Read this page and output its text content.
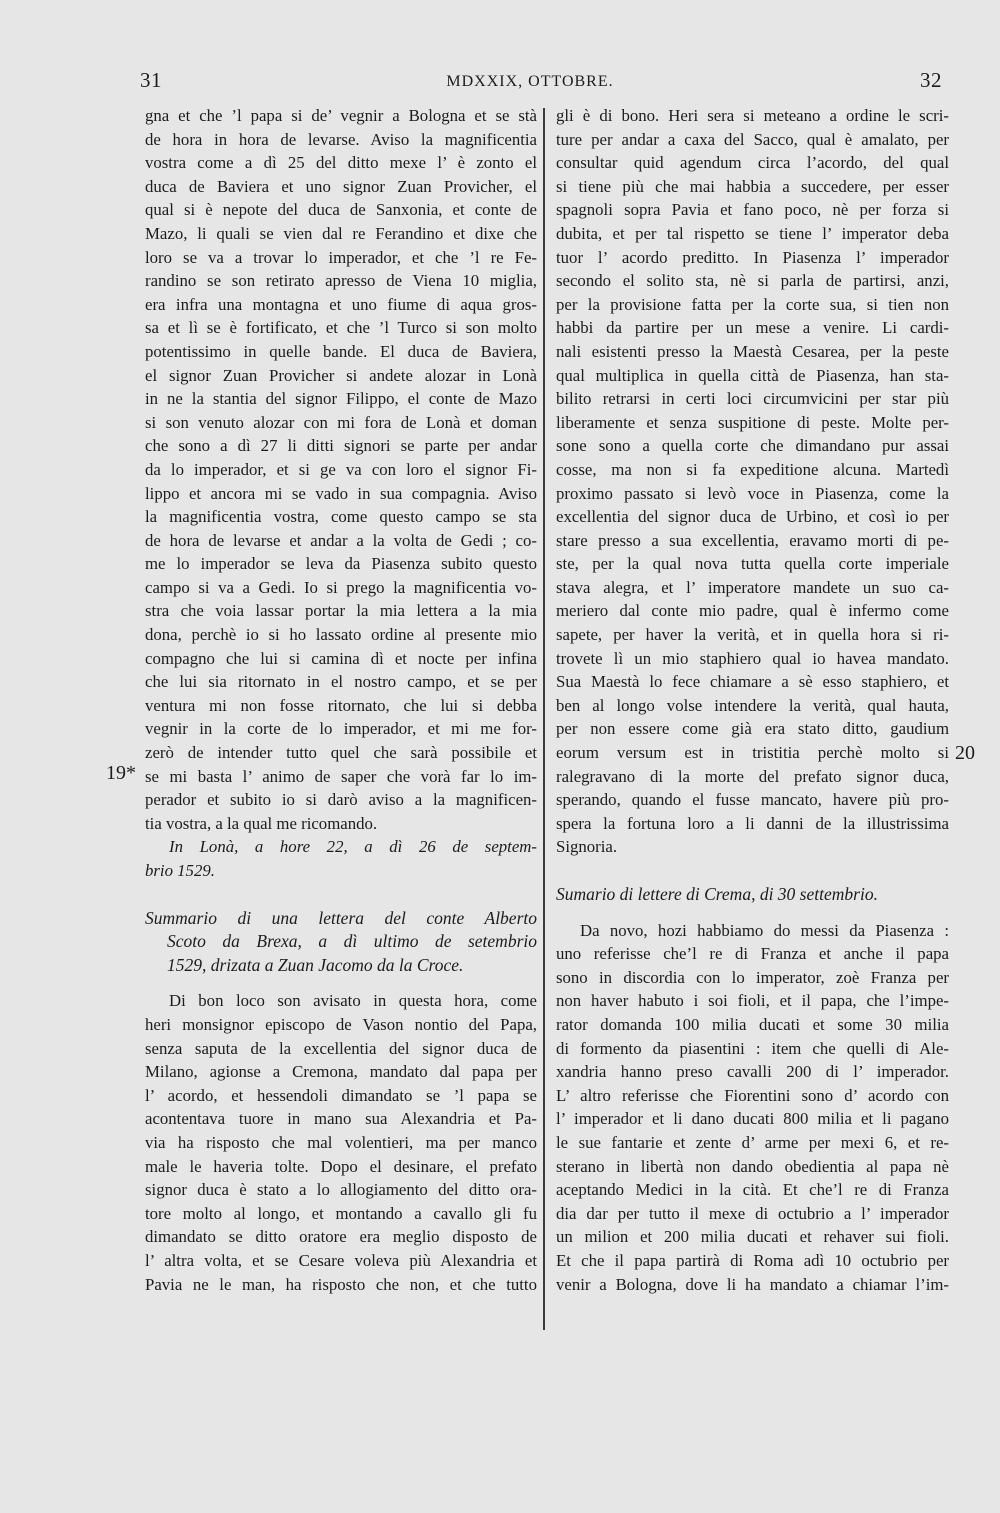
31	MDXXIX, OTTOBRE.	32
19*
20
gna et che ’l papa si de’ vegnir a Bologna et se stà
de hora in hora de levarse. Aviso la magnificentia
vostra come a dì 25 del ditto mexe l’ è zonto el
duca de Baviera et uno signor Zuan Provicher, el
qual si è nepote del duca de Sanxonia, et conte de
Mazo, li quali se vien dal re Ferandino et dixe che
loro se va a trovar lo imperador, et che ’l re Fe-
randino se son retirato apresso de Viena 10 miglia,
era infra una montagna et uno fiume di aqua gros-
sa et lì se è fortificato, et che ’l Turco si son molto
potentissimo in quelle bande. El duca de Baviera,
el signor Zuan Provicher si andete alozar in Lonà
in ne la stantia del signor Filippo, el conte de Mazo
si son venuto alozar con mi fora de Lonà et doman
che sono a dì 27 li ditti signori se parte per andar
da lo imperador, et si ge va con loro el signor Fi-
lippo et ancora mi se vado in sua compagnia. Aviso
la magnificentia vostra, come questo campo se sta
de hora de levarse et andar a la volta de Gedi ; co-
me lo imperador se leva da Piasenza subito questo
campo si va a Gedi. Io si prego la magnificentia vo-
stra che voia lassar portar la mia lettera a la mia
dona, perchè io si ho lassato ordine al presente mio
compagno che lui si camina dì et nocte per infina
che lui sia ritornato in el nostro campo, et se per
ventura mi non fosse ritornato, che lui si debba
vegnir in la corte de lo imperador, et mi me for-
zerò de intender tutto quel che sarà possibile et
se mi basta l’ animo de saper che vorà far lo im-
perador et subito io si darò aviso a la magnificen-
tia vostra, a la qual me ricomando.
In Lonà, a hore 22, a dì 26 de septem-
brio 1529.
Summario di una lettera del conte Alberto
Scoto da Brexa, a dì ultimo de setembrio
1529, drizata a Zuan Jacomo da la Croce.
Di bon loco son avisato in questa hora, come
heri monsignor episcopo de Vason nontio del Papa,
senza saputa de la excellentia del signor duca de
Milano, agionse a Cremona, mandato dal papa per
l’ acordo, et hessendoli dimandato se ’l papa se
acontentava tuore in mano sua Alexandria et Pa-
via ha risposto che mal volentieri, ma per manco
male le haveria tolte. Dopo el desinare, el prefato
signor duca è stato a lo allogiamento del ditto ora-
tore molto al longo, et montando a cavallo gli fu
dimandato se ditto oratore era meglio disposto de
l’ altra volta, et se Cesare voleva più Alexandria et
Pavia ne le man, ha risposto che non, et che tutto
gli è di bono. Heri sera si meteano a ordine le scri-
ture per andar a caxa del Sacco, qual è amalato, per
consultar quid agendum circa l’acordo, del qual
si tiene più che mai habbia a succedere, per esser
spagnoli sopra Pavia et fano poco, nè per forza si
dubita, et per tal rispetto se tiene l’ imperator deba
tuor l’ acordo preditto. In Piasenza l’ imperador
secondo el solito sta, nè si parla de partirsi, anzi,
per la provisione fatta per la corte sua, si tien non
habbi da partire per un mese a venire. Li cardi-
nali esistenti presso la Maestà Cesarea, per la peste
qual multiplica in quella città de Piasenza, han sta-
bilito retrarsi in certi loci circumvicini per star più
liberamente et senza suspitione di peste. Molte per-
sone sono a quella corte che dimandano pur assai
cosse, ma non si fa expeditione alcuna. Martedì
proximo passato si levò voce in Piasenza, come la
excellentia del signor duca de Urbino, et così io per
stare presso a sua excellentia, eravamo morti di pe-
ste, per la qual nova tutta quella corte imperiale
stava alegra, et l’ imperatore mandete un suo ca-
meriero dal conte mio padre, qual è infermo come
sapete, per haver la verità, et in quella hora si ri-
trovete lì un mio staphiero qual io havea mandato.
Sua Maestà lo fece chiamare a sè esso staphiero, et
ben al longo volse intendere la verità, qual hauta,
per non essere come già era stato ditto, gaudium
eorum versum est in tristitia perchè molto si
ralegravano di la morte del prefato signor duca,
sperando, quando el fusse mancato, havere più pro-
spera la fortuna loro a li danni de la illustrissima
Signoria.
Sumario di lettere di Crema, di 30 settembrio.
Da novo, hozi habbiamo do messi da Piasenza :
uno referisse che’l re di Franza et anche il papa
sono in discordia con lo imperator, zoè Franza per
non haver habuto i soi fioli, et il papa, che l’impe-
rator domanda 100 milia ducati et some 30 milia
di formento da piasentini : item che quelli di Ale-
xandria hanno preso cavalli 200 di l’ imperador.
L’ altro referisse che Fiorentini sono d’ acordo con
l’ imperador et li dano ducati 800 milia et li pagano
le sue fantarie et zente d’ arme per mexi 6, et re-
sterano in libertà non dando obedientia al papa nè
aceptando Medici in la cità. Et che’l re di Franza
dia dar per tutto il mexe di octubrio a l’ imperador
un milion et 200 milia ducati et rehaver sui fioli.
Et che il papa partirà di Roma adì 10 octubrio per
venir a Bologna, dove li ha mandato a chiamar l’im-
